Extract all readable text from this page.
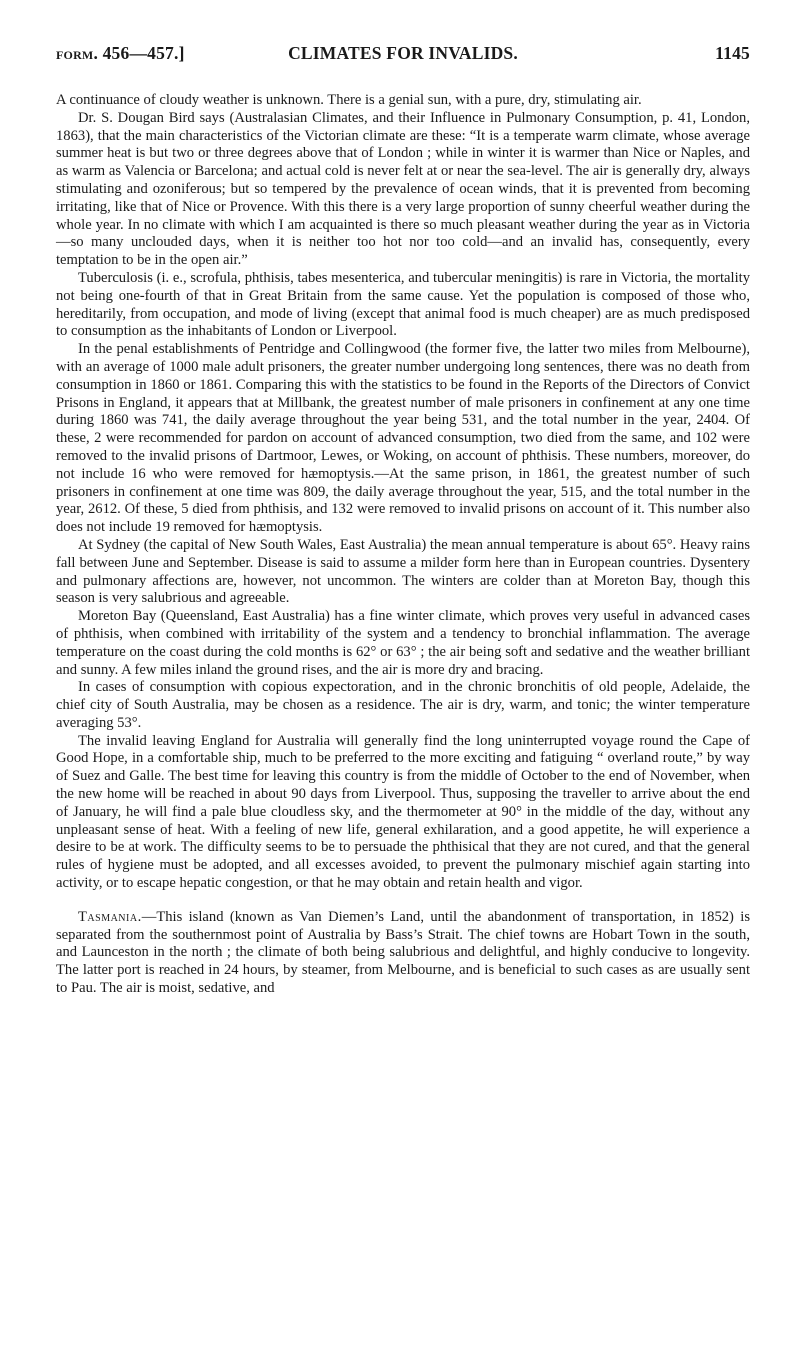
form. 456—457.]	CLIMATES FOR INVALIDS.	1145

A continuance of cloudy weather is unknown. There is a genial sun, with a pure, dry, stimulating air.

Dr. S. Dougan Bird says (Australasian Climates, and their Influence in Pulmonary Consumption, p. 41, London, 1863), that the main characteristics of the Victorian climate are these: “It is a temperate warm climate, whose average summer heat is but two or three degrees above that of London ; while in winter it is warmer than Nice or Naples, and as warm as Valencia or Barcelona; and actual cold is never felt at or near the sea-level. The air is generally dry, always stimulating and ozoniferous; but so tempered by the prevalence of ocean winds, that it is prevented from becoming irritating, like that of Nice or Provence. With this there is a very large proportion of sunny cheerful weather during the whole year. In no climate with which I am acquainted is there so much pleasant weather during the year as in Victoria—so many unclouded days, when it is neither too hot nor too cold—and an invalid has, consequently, every temptation to be in the open air.”

Tuberculosis (i. e., scrofula, phthisis, tabes mesenterica, and tubercular meningitis) is rare in Victoria, the mortality not being one-fourth of that in Great Britain from the same cause. Yet the population is composed of those who, hereditarily, from occupation, and mode of living (except that animal food is much cheaper) are as much predisposed to consumption as the inhabitants of London or Liverpool.

In the penal establishments of Pentridge and Collingwood (the former five, the latter two miles from Melbourne), with an average of 1000 male adult prisoners, the greater number undergoing long sentences, there was no death from consumption in 1860 or 1861. Comparing this with the statistics to be found in the Reports of the Directors of Convict Prisons in England, it appears that at Millbank, the greatest number of male prisoners in confinement at any one time during 1860 was 741, the daily average throughout the year being 531, and the total number in the year, 2404. Of these, 2 were recommended for pardon on account of advanced consumption, two died from the same, and 102 were removed to the invalid prisons of Dartmoor, Lewes, or Woking, on account of phthisis. These numbers, moreover, do not include 16 who were removed for hæmoptysis.—At the same prison, in 1861, the greatest number of such prisoners in confinement at one time was 809, the daily average throughout the year, 515, and the total number in the year, 2612. Of these, 5 died from phthisis, and 132 were removed to invalid prisons on account of it. This number also does not include 19 removed for hæmoptysis.

At Sydney (the capital of New South Wales, East Australia) the mean annual temperature is about 65°. Heavy rains fall between June and September. Disease is said to assume a milder form here than in European countries. Dysentery and pulmonary affections are, however, not uncommon. The winters are colder than at Moreton Bay, though this season is very salubrious and agreeable.

Moreton Bay (Queensland, East Australia) has a fine winter climate, which proves very useful in advanced cases of phthisis, when combined with irritability of the system and a tendency to bronchial inflammation. The average temperature on the coast during the cold months is 62° or 63° ; the air being soft and sedative and the weather brilliant and sunny. A few miles inland the ground rises, and the air is more dry and bracing.

In cases of consumption with copious expectoration, and in the chronic bronchitis of old people, Adelaide, the chief city of South Australia, may be chosen as a residence. The air is dry, warm, and tonic; the winter temperature averaging 53°.

The invalid leaving England for Australia will generally find the long uninterrupted voyage round the Cape of Good Hope, in a comfortable ship, much to be preferred to the more exciting and fatiguing “ overland route,” by way of Suez and Galle. The best time for leaving this country is from the middle of October to the end of November, when the new home will be reached in about 90 days from Liverpool. Thus, supposing the traveller to arrive about the end of January, he will find a pale blue cloudless sky, and the thermometer at 90° in the middle of the day, without any unpleasant sense of heat. With a feeling of new life, general exhilaration, and a good appetite, he will experience a desire to be at work. The difficulty seems to be to persuade the phthisical that they are not cured, and that the general rules of hygiene must be adopted, and all excesses avoided, to prevent the pulmonary mischief again starting into activity, or to escape hepatic congestion, or that he may obtain and retain health and vigor.

Tasmania.—This island (known as Van Diemen’s Land, until the abandonment of transportation, in 1852) is separated from the southernmost point of Australia by Bass’s Strait. The chief towns are Hobart Town in the south, and Launceston in the north ; the climate of both being salubrious and delightful, and highly conducive to longevity. The latter port is reached in 24 hours, by steamer, from Melbourne, and is beneficial to such cases as are usually sent to Pau. The air is moist, sedative, and
